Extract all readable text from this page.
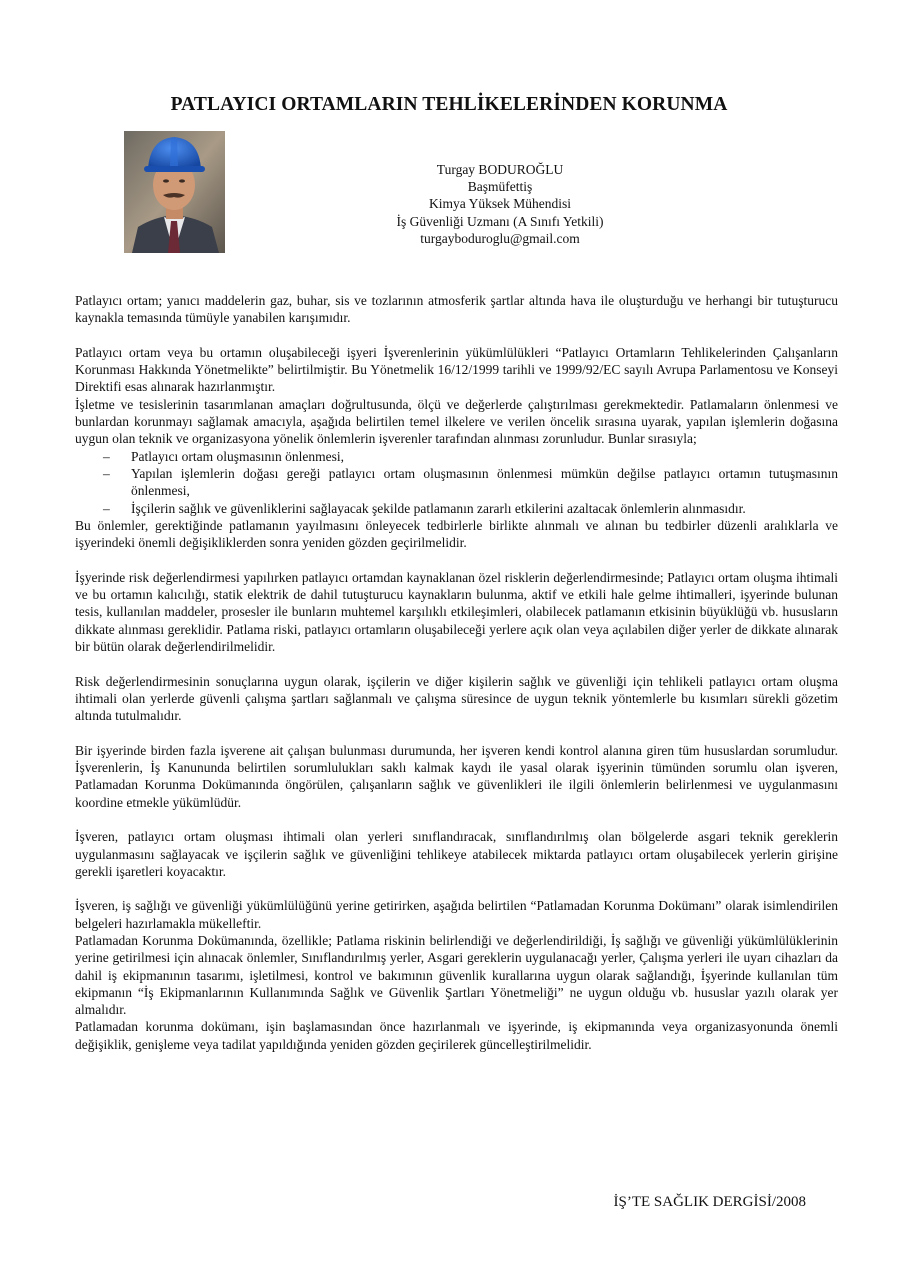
PATLAYICI ORTAMLARIN TEHLİKELERİNDEN KORUNMA
Turgay BODUROĞLU
Başmüfettiş
Kimya Yüksek Mühendisi
İş Güvenliği Uzmanı (A Sınıfı Yetkili)
turgayboduroglu@gmail.com

Patlayıcı ortam; yanıcı maddelerin gaz, buhar, sis ve tozlarının atmosferik şartlar altında hava ile oluşturduğu ve herhangi bir tutuşturucu kaynakla temasında tümüyle yanabilen karışımıdır.

Patlayıcı ortam veya bu ortamın oluşabileceği işyeri İşverenlerinin yükümlülükleri “Patlayıcı Ortamların Tehlikelerinden Çalışanların Korunması Hakkında Yönetmelikte” belirtilmiştir. Bu Yönetmelik 16/12/1999 tarihli ve 1999/92/EC sayılı Avrupa Parlamentosu ve Konseyi Direktifi esas alınarak hazırlanmıştır.

İşletme ve tesislerinin tasarımlanan amaçları doğrultusunda, ölçü ve değerlerde çalıştırılması gerekmektedir. Patlamaların önlenmesi ve bunlardan korunmayı sağlamak amacıyla, aşağıda belirtilen temel ilkelere ve verilen öncelik sırasına uyarak, yapılan işlemlerin doğasına uygun olan teknik ve organizasyona yönelik önlemlerin işverenler tarafından alınması zorunludur. Bunlar sırasıyla;

– Patlayıcı ortam oluşmasının önlenmesi,
– Yapılan işlemlerin doğası gereği patlayıcı ortam oluşmasının önlenmesi mümkün değilse patlayıcı ortamın tutuşmasının önlenmesi,
– İşçilerin sağlık ve güvenliklerini sağlayacak şekilde patlamanın zararlı etkilerini azaltacak önlemlerin alınmasıdır.

Bu önlemler, gerektiğinde patlamanın yayılmasını önleyecek tedbirlerle birlikte alınmalı ve alınan bu tedbirler düzenli aralıklarla ve işyerindeki önemli değişikliklerden sonra yeniden gözden geçirilmelidir.

İşyerinde risk değerlendirmesi yapılırken patlayıcı ortamdan kaynaklanan özel risklerin değerlendirmesinde; Patlayıcı ortam oluşma ihtimali ve bu ortamın kalıcılığı, statik elektrik de dahil tutuşturucu kaynakların bulunma, aktif ve etkili hale gelme ihtimalleri, işyerinde bulunan tesis, kullanılan maddeler, prosesler ile bunların muhtemel karşılıklı etkileşimleri, olabilecek patlamanın etkisinin büyüklüğü vb. hususların dikkate alınması gereklidir. Patlama riski, patlayıcı ortamların oluşabileceği yerlere açık olan veya açılabilen diğer yerler de dikkate alınarak bir bütün olarak değerlendirilmelidir.

Risk değerlendirmesinin sonuçlarına uygun olarak, işçilerin ve diğer kişilerin sağlık ve güvenliği için tehlikeli patlayıcı ortam oluşma ihtimali olan yerlerde güvenli çalışma şartları sağlanmalı ve çalışma süresince de uygun teknik yöntemlerle bu kısımları sürekli gözetim altında tutulmalıdır.

Bir işyerinde birden fazla işverene ait çalışan bulunması durumunda, her işveren kendi kontrol alanına giren tüm hususlardan sorumludur. İşverenlerin, İş Kanununda belirtilen sorumlulukları saklı kalmak kaydı ile yasal olarak işyerinin tümünden sorumlu olan işveren, Patlamadan Korunma Dokümanında öngörülen, çalışanların sağlık ve güvenlikleri ile ilgili önlemlerin belirlenmesi ve uygulanmasını koordine etmekle yükümlüdür.

İşveren, patlayıcı ortam oluşması ihtimali olan yerleri sınıflandıracak, sınıflandırılmış olan bölgelerde asgari teknik gereklerin uygulanmasını sağlayacak ve işçilerin sağlık ve güvenliğini tehlikeye atabilecek miktarda patlayıcı ortam oluşabilecek yerlerin girişine gerekli işaretleri koyacaktır.

İşveren, iş sağlığı ve güvenliği yükümlülüğünü yerine getirirken, aşağıda belirtilen “Patlamadan Korunma Dokümanı” olarak isimlendirilen belgeleri hazırlamakla mükelleftir.

Patlamadan Korunma Dokümanında, özellikle; Patlama riskinin belirlendiği ve değerlendirildiği, İş sağlığı ve güvenliği yükümlülüklerinin yerine getirilmesi için alınacak önlemler, Sınıflandırılmış yerler, Asgari gereklerin uygulanacağı yerler, Çalışma yerleri ile uyarı cihazları da dahil iş ekipmanının tasarımı, işletilmesi, kontrol ve bakımının güvenlik kurallarına uygun olarak sağlandığı, İşyerinde kullanılan tüm ekipmanın “İş Ekipmanlarının Kullanımında Sağlık ve Güvenlik Şartları Yönetmeliği” ne uygun olduğu vb. hususlar yazılı olarak yer almalıdır.

Patlamadan korunma dokümanı, işin başlamasından önce hazırlanmalı ve işyerinde, iş ekipmanında veya organizasyonunda önemli değişiklik, genişleme veya tadilat yapıldığında yeniden gözden geçirilerek güncelleştirilmelidir.

İŞ’TE SAĞLIK DERGİSİ/2008
